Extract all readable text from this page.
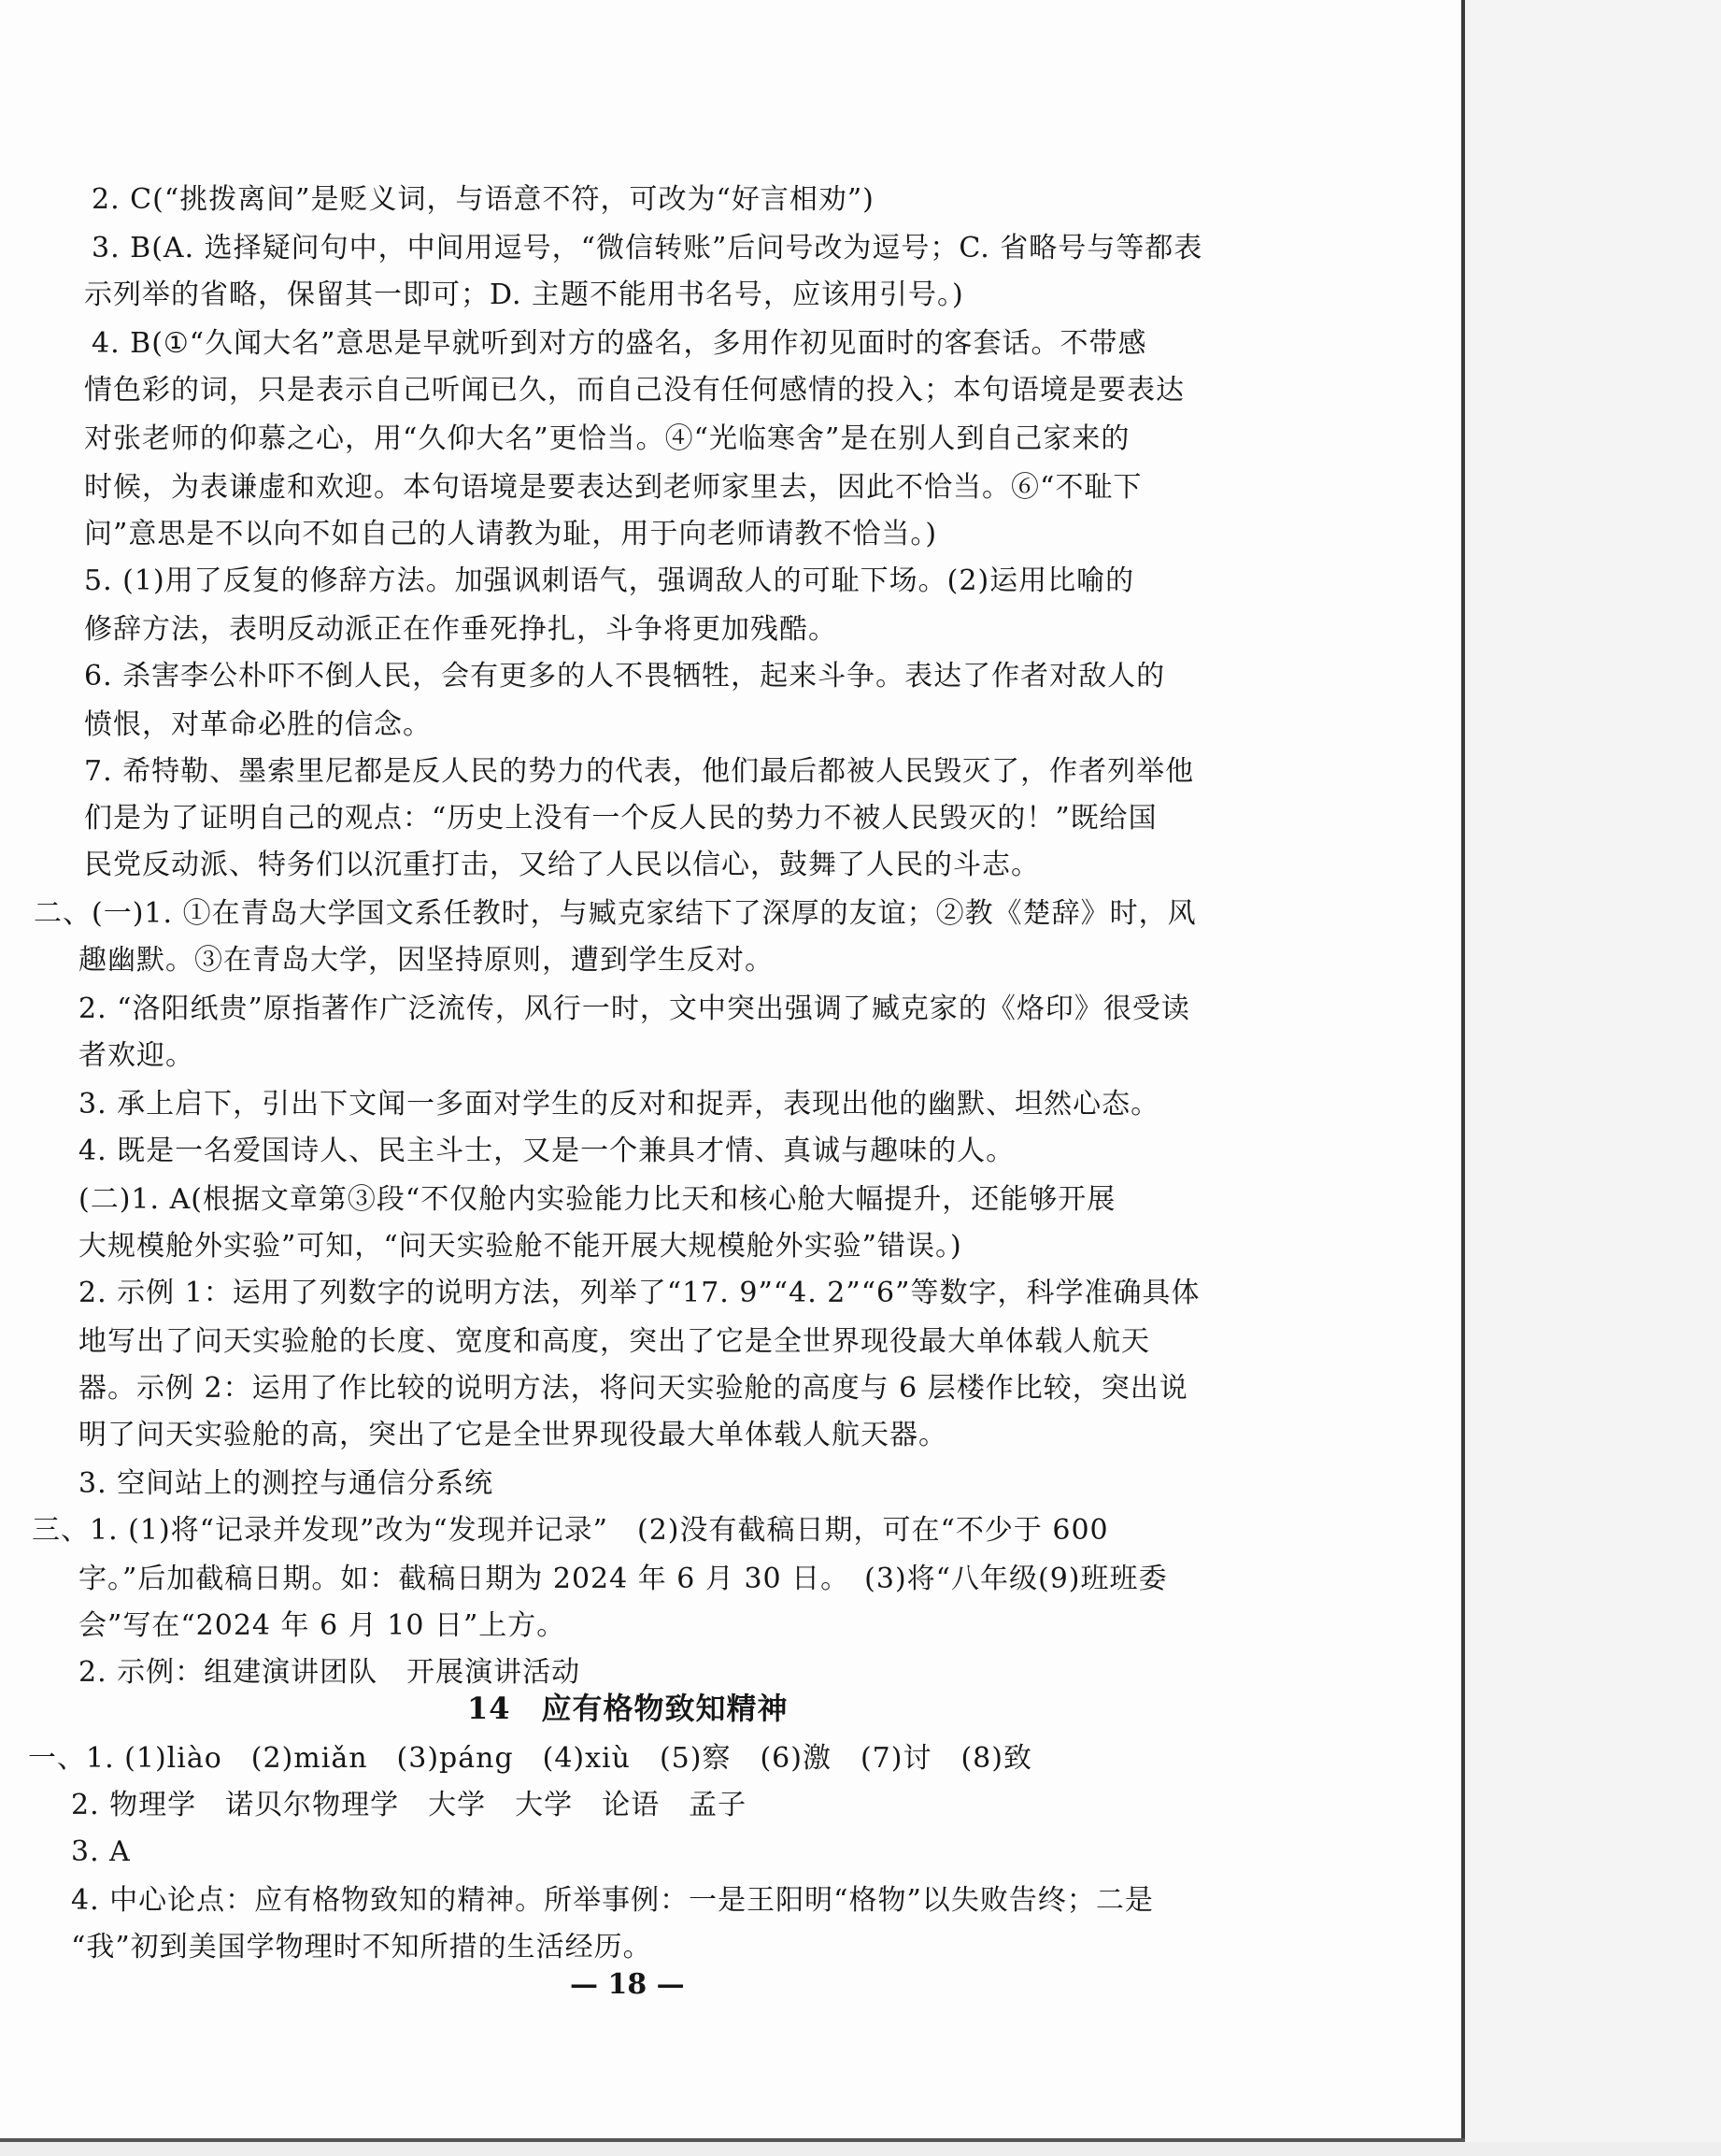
2. C(“挑拨离间”是贬义词，与语意不符，可改为“好言相劝”)
3. B(A. 选择疑问句中，中间用逗号，“微信转账”后问号改为逗号；C. 省略号与等都表
示列举的省略，保留其一即可；D. 主题不能用书名号，应该用引号。)
4. B(①“久闻大名”意思是早就听到对方的盛名，多用作初见面时的客套话。不带感
情色彩的词，只是表示自己听闻已久，而自己没有任何感情的投入；本句语境是要表达
对张老师的仰慕之心，用“久仰大名”更恰当。④“光临寒舍”是在别人到自己家来的
时候，为表谦虚和欢迎。本句语境是要表达到老师家里去，因此不恰当。⑥“不耻下
问”意思是不以向不如自己的人请教为耻，用于向老师请教不恰当。)
5. (1)用了反复的修辞方法。加强讽刺语气，强调敌人的可耻下场。(2)运用比喻的
修辞方法，表明反动派正在作垂死挣扎，斗争将更加残酷。
6. 杀害李公朴吓不倒人民，会有更多的人不畏牺牲，起来斗争。表达了作者对敌人的
愤恨，对革命必胜的信念。
7. 希特勒、墨索里尼都是反人民的势力的代表，他们最后都被人民毁灭了，作者列举他
们是为了证明自己的观点：“历史上没有一个反人民的势力不被人民毁灭的！”既给国
民党反动派、特务们以沉重打击，又给了人民以信心，鼓舞了人民的斗志。
二、(一)1. ①在青岛大学国文系任教时，与臧克家结下了深厚的友谊；②教《楚辞》时，风
趣幽默。③在青岛大学，因坚持原则，遭到学生反对。
2. “洛阳纸贵”原指著作广泛流传，风行一时，文中突出强调了臧克家的《烙印》很受读
者欢迎。
3. 承上启下，引出下文闻一多面对学生的反对和捉弄，表现出他的幽默、坦然心态。
4. 既是一名爱国诗人、民主斗士，又是一个兼具才情、真诚与趣味的人。
(二)1. A(根据文章第③段“不仅舱内实验能力比天和核心舱大幅提升，还能够开展
大规模舱外实验”可知，“问天实验舱不能开展大规模舱外实验”错误。)
2. 示例 1：运用了列数字的说明方法，列举了“17. 9”“4. 2”“6”等数字，科学准确具体
地写出了问天实验舱的长度、宽度和高度，突出了它是全世界现役最大单体载人航天
器。示例 2：运用了作比较的说明方法，将问天实验舱的高度与 6 层楼作比较，突出说
明了问天实验舱的高，突出了它是全世界现役最大单体载人航天器。
3. 空间站上的测控与通信分系统
三、1. (1)将“记录并发现”改为“发现并记录”　(2)没有截稿日期，可在“不少于 600
字。”后加截稿日期。如：截稿日期为 2024 年 6 月 30 日。　(3)将“八年级(9)班班委
会”写在“2024 年 6 月 10 日”上方。
2. 示例：组建演讲团队　开展演讲活动
14　应有格物致知精神
一、1. (1)liào　(2)miǎn　(3)páng　(4)xiù　(5)察　(6)激　(7)讨　(8)致
2. 物理学　诺贝尔物理学　大学　大学　论语　孟子
3. A
4. 中心论点：应有格物致知的精神。所举事例：一是王阳明“格物”以失败告终；二是
“我”初到美国学物理时不知所措的生活经历。
— 18 —
